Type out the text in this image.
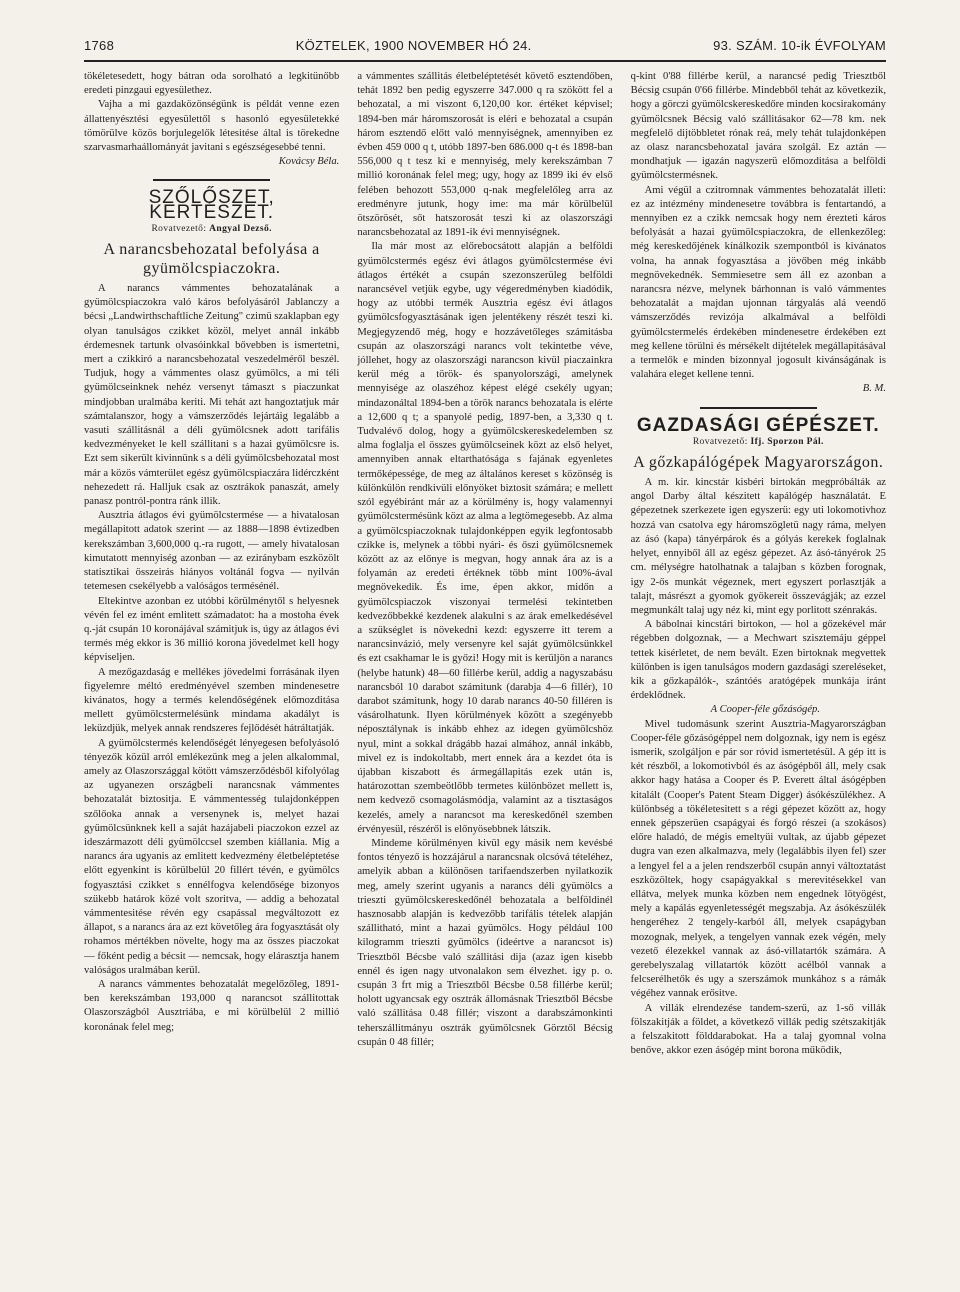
1768	KÖZTELEK, 1900 NOVEMBER HÓ 24.	93. SZÁM. 10-ik ÉVFOLYAM

tökéletesedett, hogy bátran oda sorolható a legkitünőbb eredeti pinzgaui egyesülethez.

Vajha a mi gazdaközönségünk is példát venne ezen állattenyésztési egyesülettől s hasonló egyesületekké tömörülve közös borjulegelők létesitése által is törekedne szarvasmarhaállományát javitani s egészségesebbé tenni.

Kovácsy Béla.

SZŐLŐSZET, KERTÉSZET.
Rovatvezető: Angyal Dezső.
A narancsbehozatal befolyása a gyümölcspiaczokra.

A narancs vámmentes behozatalának a gyümölcspiaczokra való káros befolyásáról Jablanczy a bécsi „Landwirthschaftliche Zeitung" czimü szaklapban egy olyan tanulságos czikket közöl, melyet annál inkább érdemesnek tartunk olvasóinkkal bővebben is ismertetni, mert a czikkiró a narancsbehozatal veszedelméről beszél. Tudjuk, hogy a vámmentes olasz gyümölcs, a mi téli gyümölcseinknek nehéz versenyt támaszt s piaczunkat mindjobban uralmába keriti. Mi tehát azt hangoztatjuk már számtalanszor, hogy a vámszerződés lejártáig legalább a vasuti szállitásnál a déli gyümölcsnek adott tarifális kedvezményeket le kell szállitani s a hazai gyümölcsre is. Ezt sem sikerült kivinnünk s a déli gyümölcsbehozatal most már a közös vámterület egész gyümölcspiaczára lidérczként nehezedett rá. Halljuk csak az osztrákok panaszát, amely panasz pontról-pontra ránk illik.

Ausztria átlagos évi gyümölcstermése — a hivatalosan megállapitott adatok szerint — az 1888—1898 évtizedben kerekszámban 3,600,000 q.-ra rugott, — amely hivatalosan kimutatott mennyiség azonban — az eziránybam eszközölt statisztikai összeirás hiányos voltánál fogva — nyilván tetemesen csekélyebb a valóságos termésénél.

Eltekintve azonban ez utóbbi körülménytől s helyesnek vévén fel ez imént emlitett számadatot: ha a mostoha évek q.-ját csupán 10 koronájával számitjuk is, úgy az átlagos évi termés még ekkor is 36 millió korona jövedelmet kell hogy képviseljen.

A mezőgazdaság e mellékes jövedelmi forrásának ilyen figyelemre méltó eredményével szemben mindenesetre kivánatos, hogy a termés kelendőségének előmozditása mellett gyümölcstermelésünk mindama akadályt is leküzdjük, melyek annak rendszeres fejlődését hátráltatják.

A gyümölcstermés kelendőségét lényegesen befolyásoló tényezők közül arról emlékezünk meg a jelen alkalommal, amely az Olaszországgal kötött vámszerződésből kifolyólag az ugyanezen országbeli narancsnak vámmentes behozatalát biztositja. E vámmentesség tulajdonképpen szőlőoka annak a versenynek is, melyet hazai gyümölcsünknek kell a saját hazájabeli piaczokon ezzel az ideszármazott déli gyümölccsel szemben kiállania. Mig a narancs ára ugyanis az emlitett kedvezmény életbeléptetése előtt egyenkint is körülbelül 20 fillért tévén, e gyümölcs fogyasztási czikket s ennélfogva kelendősége bizonyos szükebb határok közé volt szoritva, — addig a behozatal vámmentesitése révén egy csapással megváltozott ez állapot, s a narancs ára az ezt követőleg ára fogyasztását oly rohamos mértékben növelte, hogy ma az összes piaczokat — főként pedig a bécsit — nemcsak, hogy elárasztja hanem valóságos uralmában kerül.

A narancs vámmentes behozatalát megelőzőleg, 1891-ben kerekszámban 193,000 q narancsot szállitottak Olaszországból Ausztriába, e mi körülbelül 2 millió koronának felel meg;

a vámmentes szállitás életbeléptetését követő esztendőben, tehát 1892 ben pedig egyszerre 347.000 q ra szökött fel a behozatal, a mi viszont 6,120,00 kor. értéket képvisel; 1894-ben már háromszorosát is eléri e behozatal a csupán három esztendő előtt való mennyiségnek, amennyiben ez évben 459 000 q t, utóbb 1897-ben 686.000 q-t és 1898-ban 556,000 q t tesz ki e mennyiség, mely kerekszámban 7 millió koronának felel meg; ugy, hogy az 1899 iki év első felében behozott 553,000 q-nak megfelelőleg arra az eredményre jutunk, hogy ime: ma már körülbelül ötszörösét, sőt hatszorosát teszi ki az olaszországi narancsbehozatal az 1891-ik évi mennyiségnek.

Ila már most az előrebocsátott alapján a belföldi gyümölcstermés egész évi átlagos gyümölcstermése évi átlagos értékét a csupán szezonszerüleg belföldi narancsével vetjük egybe, ugy végeredményben kiadódik, hogy az utóbbi termék Ausztria egész évi átlagos gyümölcsfogyasztásának igen jelentékeny részét teszi ki. Megjegyzendő még, hogy e hozzávetőleges számitásba csupán az olaszországi narancs volt tekintetbe véve, jóllehet, hogy az olaszországi narancson kivül piaczainkra kerül még a török- és spanyolországi, amelynek mennyisége az olaszéhoz képest elégé csekély ugyan; mindazonáltal 1894-ben a török narancs behozatala is elérte a 12,600 q t; a spanyolé pedig, 1897-ben, a 3,330 q t. Tudvalévő dolog, hogy a gyümölcskereskedelemben sz alma foglalja el összes gyümölcseinek közt az első helyet, amennyiben annak eltarthatósága s fajának egyenletes termőképessége, de meg az általános kereset s közönség is különkülön rendkivüli előnyöket biztosit számára; e mellett szól egyébiránt már az a körülmény is, hogy valamennyi gyümölcstermésünk közt az alma a legtömegesebb. Az alma a gyümölcspiaczoknak tulajdonképpen egyik legfontosabb czikke is, melynek a többi nyári- és őszi gyümölcsnemek között az az előnye is megvan, hogy annak ára az is a folyamán az eredeti értéknek több mint 100%-ával megnövekedik. És ime, épen akkor, midőn a gyümölcspiaczok viszonyai termelési tekintetben kedvezőbbekké kezdenek alakulni s az árak emelkedésével a szükséglet is növekedni kezd: egyszerre itt terem a narancsinvázió, mely versenyre kel saját gyümölcsünkkel és ezt csakhamar le is győzi! Hogy mit is kerüljön a narancs (helybe hatunk) 48—60 fillérbe kerül, addig a nagyszabásu narancsból 10 darabot számitunk (darabja 4—6 fillér), 10 darabot számitunk, hogy 10 darab narancs 40-50 filléren is vásárolhatunk. Ilyen körülmények között a szegényebb néposztálynak is inkább ehhez az idegen gyümölcshöz nyul, mint a sokkal drágább hazai almához, annál inkább, mivel ez is indokoltabb, mert ennek ára a kezdet óta is újabban kiszabott és ármegállapitás ezek után is, határozottan szembeötlőbb termetes különbözet mellett is, nem kedvező csomagolásmódja, valamint az a tisztaságos kezelés, amely a narancsot ma kereskedőnél szemben érvényesül, részéről is előnyösebbnek látszik.

Mindeme körülményen kivül egy másik nem kevésbé fontos tényező is hozzájárul a narancsnak olcsóvá tételéhez, amelyik abban a különösen tarifaendszerben nyilatkozik meg, amely szerint ugyanis a narancs déli gyümölcs a trieszti gyümölcskereskedőnél behozatala a belföldinél hasznosabb alapján is kedvezőbb tarifális tételek alapján szállitható, mint a hazai gyümölcs. Hogy például 100 kilogramm trieszti gyümölcs (ideértve a narancsot is) Triesztből Bécsbe való szállitási dija (azaz igen kisebb ennél és igen nagy utvonalakon sem élvezhet. igy p. o. csupán 3 frt mig a Triesztből Bécsbe 0.58 fillérbe kerül; holott ugyancsak egy osztrák állomásnak Triesztből Bécsbe való szállitása 0.48 fillér; viszont a darabszámonkinti teherszállitmányu osztrák gyümölcsnek Görztől Bécsig csupán 0 48 fillér;

q-kint 0'88 fillérbe kerül, a narancsé pedig Triesztből Bécsig csupán 0'66 fillérbe. Mindebből tehát az következik, hogy a görczi gyümölcskereskedőre minden kocsirakomány gyümölcsnek Bécsig való szállitásakor 62—78 km. nek megfelelő dijtöbbletet rónak reá, mely tehát tulajdonképen az olasz narancsbehozatal javára szolgál. Ez aztán — mondhatjuk — igazán nagyszerü előmozditása a belföldi gyümölcstermésnek.

Ami végül a czitromnak vámmentes behozatalát illeti: ez az intézmény mindenesetre továbbra is fentartandó, a mennyiben ez a czikk nemcsak hogy nem érezteti káros befolyását a hazai gyümölcspiaczokra, de ellenkezőleg: még kereskedőjének kínálkozik szempontból is kivánatos volna, ha annak fogyasztása a jövőben még inkább megnövekednék. Semmiesetre sem áll ez azonban a narancsra nézve, melynek bárhonnan is való vámmentes behozatalát a majdan ujonnan tárgyalás alá veendő vámszerződés revizója alkalmával a belföldi gyümölcstermelés érdekében mindenesetre érdekében ezt meg kellene törülni és mérsékelt dijtételek megállapitásával a termelők e minden bizonnyal jogosult kivánságának is valahára eleget kellene tenni.

B. M.

GAZDASÁGI GÉPÉSZET.
Rovatvezető: Ifj. Sporzon Pál.
A gőzkapálógépek Magyarországon.

A m. kir. kincstár kisbéri birtokán megpróbálták az angol Darby által készitett kapálógép használatát. E gépezetnek szerkezete igen egyszerü: egy uti lokomotivhoz hozzá van csatolva egy háromszögletü nagy ráma, melyen az ásó (kapa) tányérpárok és a gólyás kerekek foglalnak helyet, ennyiből áll az egész gépezet. Az ásó-tányérok 25 cm. mélységre hatolhatnak a talajban s közben forognak, igy 2-ős munkát végeznek, mert egyszert porlasztják a talajt, másrészt a gyomok gyökereit összevágják; az ezzel megmunkált talaj ugy néz ki, mint egy porlitott szénrakás.

A bábolnai kincstári birtokon, — hol a gőzekével már régebben dolgoznak, — a Mechwart szisztemáju géppel tettek kisérletet, de nem bevált. Ezen birtoknak megvettek különben is igen tanulságos modern gazdasági szereléseket, kik a gőzkapálók-, szántóés aratógépek munkája iránt érdeklődnek.

A Cooper-féle gőzásógép.

Mivel tudomásunk szerint Ausztria-Magyarországban Cooper-féle gőzásógéppel nem dolgoznak, igy nem is egész ismerik, szolgáljon e pár sor róvid ismertetésül. A gép itt is két részből, a lokomotivból és az ásógépből áll, mely csak akkor hagy hatása a Cooper és P. Everett által ásógépben kitalált (Cooper's Patent Steam Digger) ásókészülékhez. A különbség a tökéletesitett s a régi gépezet között az, hogy ennek gépszerüen csapágyai és forgó részei (a szokásos) előre haladó, de mégis emeltyüi vultak, az újabb gépezet dugra van ezen alkalmazva, mely (legalábbis ilyen fel) szer a lengyel fel a a jelen rendszerből csupán annyi változtatást eszközöltek, hogy csapágyakkal s merevitésekkel van ellátva, melyek munka közben nem engednek lötyögést, mely a kapálás egyenletességét megszabja. Az ásókészülék hengeréhez 2 tengely-karból áll, melyek csapágyban mozognak, melyek, a tengelyen vannak ezek végén, mely vezető élezekkel vannak az ásó-villatartók számára. A gerebelyszalag villatartók között acélból vannak a felcserélhetők és ugy a szerszámok munkához s a rámák végéhez vannak erősitve.

A villák elrendezése tandem-szerü, az 1-ső villák fölszakitják a földet, a következő villák pedig szétszakitják a felszakitott földdarabokat. Ha a talaj gyomnal volna benőve, akkor ezen ásógép mint borona működik,
